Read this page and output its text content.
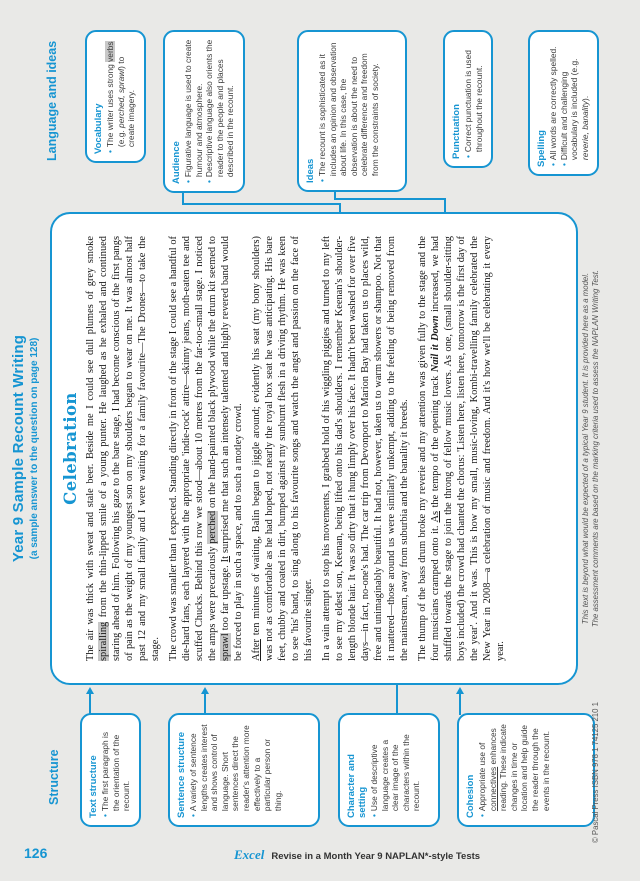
Year 9 Sample Recount Writing (a sample answer to the question on page 128)
Structure
Language and ideas
Text structure •
The first paragraph is the orientation of the recount.	Sentence structure •
A variety of sentence lengths creates interest and shows control of language. Short sentences direct the reader's attention more effectively to a particular person or thing.	Character and setting •
Use of descriptive language creates a clear image of the characters within the recount.	Cohesion •
Appropriate use of connectives enhances reading. These indicate changes in time or location and help guide the reader through the events in the recount.
Vocabulary •
The writer uses strong verbs (e.g. perched, sprawl) to create imagery.
Audience •
Figurative language is used to create humour and atmosphere.
•
Descriptive language also orients the reader to the people and places described in the recount.	Ideas •
The recount is sophisticated as it includes an opinion and observation about life. In this case, the observation is about the need to celebrate difference and freedom from the constraints of society.	Punctuation •
Correct punctuation is used throughout the recount.	Spelling •
All words are correctly spelled.
•
Difficult and challenging vocabulary is included (e.g. reverie, banality).
Celebration The air was thick with sweat and stale beer. Beside me I could see dull plumes of grey smoke spiralling from the thin-lipped smile of a young punter. He laughed as he exhaled and continued staring ahead of him. Following his gaze to the bare stage, I had become conscious of the first pangs of pain as the weight of my youngest son on my shoulders began to wear on me. It was almost half past 12 and my small family and I were waiting for a family favourite—The Drones—to take the stage. The crowd was smaller than I expected. Standing directly in front of the stage I could see a handful of die-hard fans, each layered with the appropriate 'indie-rock' attire—skinny jeans, moth-eaten tee and scuffed Chucks. Behind this row we stood—about 10 metres from the far-too-small stage. I noticed the amps were precariously perched on the hand-painted black plywood while the drum kit seemed to sprawl too far upstage. It surprised me that such an intensely talented and highly revered band would be forced to play in such a space, and to such a motley crowd. After ten minutes of waiting, Balin began to jiggle around; evidently his seat (my bony shoulders) was not as comfortable as he had hoped, not nearly the royal box seat he was anticipating. His bare feet, chubby and coated in dirt, bumped against my sunburnt flesh in a driving rhythm. He was keen to see 'his' band, to sing along to his favourite songs and watch the angst and passion on the face of his favourite singer. In a vain attempt to stop his movements, I grabbed hold of his wiggling piggies and turned to my left to see my eldest son, Keenan, being lifted onto his dad's shoulders. I remember Keenan's shoulder-length blonde hair. It was so dirty that it hung limply over his face. It hadn't been washed for over five days—in fact, no-one's had. The car trip from Devonport to Marion Bay had taken us to places wild, free and unimaginably beautiful. It had not, however, taken us to warm showers or shampoo. Not that it mattered—those around us were similarly unkempt, adding to the feeling of being removed from the mainstream, away from suburbia and the banality it breeds. The thump of the bass drum broke my reverie and my attention was given fully to the stage and the four musicians cramped onto it. As the tempo of the opening track Nail it Down increased, we had shuffled towards the stage to join the throng of fellow music lovers. As one, (small shoulder-sitting boys included) the crowd had chanted the chorus: 'Listen here, listen here, tomorrow is the first day of the year'. And it was. This is how my small, music-loving, Kombi-travelling family celebrated the New Year in 2008—a celebration of music and freedom. And it's how we'll be celebrating it every year.

This text is beyond what would be expected of a typical Year 9 student. It is provided here as a model. The assessment comments are based on the marking criteria used to assess the NAPLAN Writing Test.
© Pascal Press ISBN 978 1 74125 210 1
126	Excel Revise in a Month Year 9 NAPLAN*-style Tests
